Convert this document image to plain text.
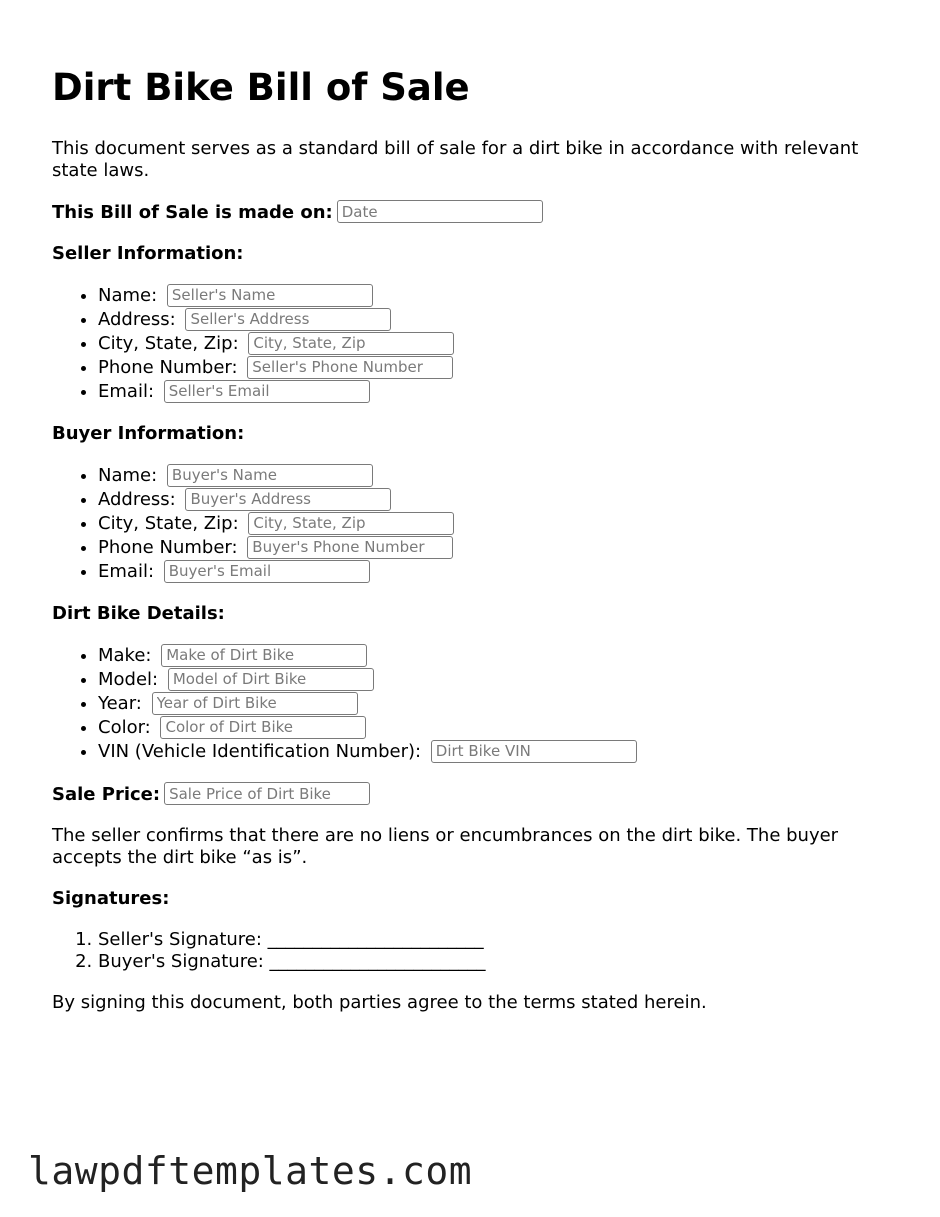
Dirt Bike Bill of Sale

This document serves as a standard bill of sale for a dirt bike in accordance with relevant state laws.

This Bill of Sale is made on:
Date

Seller Information:

• Name: Seller's Name
• Address: Seller's Address
• City, State, Zip: City, State, Zip
• Phone Number: Seller's Phone Number
• Email: Seller's Email

Buyer Information:

• Name: Buyer's Name
• Address: Buyer's Address
• City, State, Zip: City, State, Zip
• Phone Number: Buyer's Phone Number
• Email: Buyer's Email

Dirt Bike Details:

• Make: Make of Dirt Bike
• Model: Model of Dirt Bike
• Year: Year of Dirt Bike
• Color: Color of Dirt Bike
• VIN (Vehicle Identification Number): Dirt Bike VIN

Sale Price:
Sale Price of Dirt Bike

The seller confirms that there are no liens or encumbrances on the dirt bike. The buyer accepts the dirt bike “as is”.

Signatures:

1. Seller's Signature: ________________________
2. Buyer's Signature: ________________________

By signing this document, both parties agree to the terms stated herein.

lawpdftemplates.com
